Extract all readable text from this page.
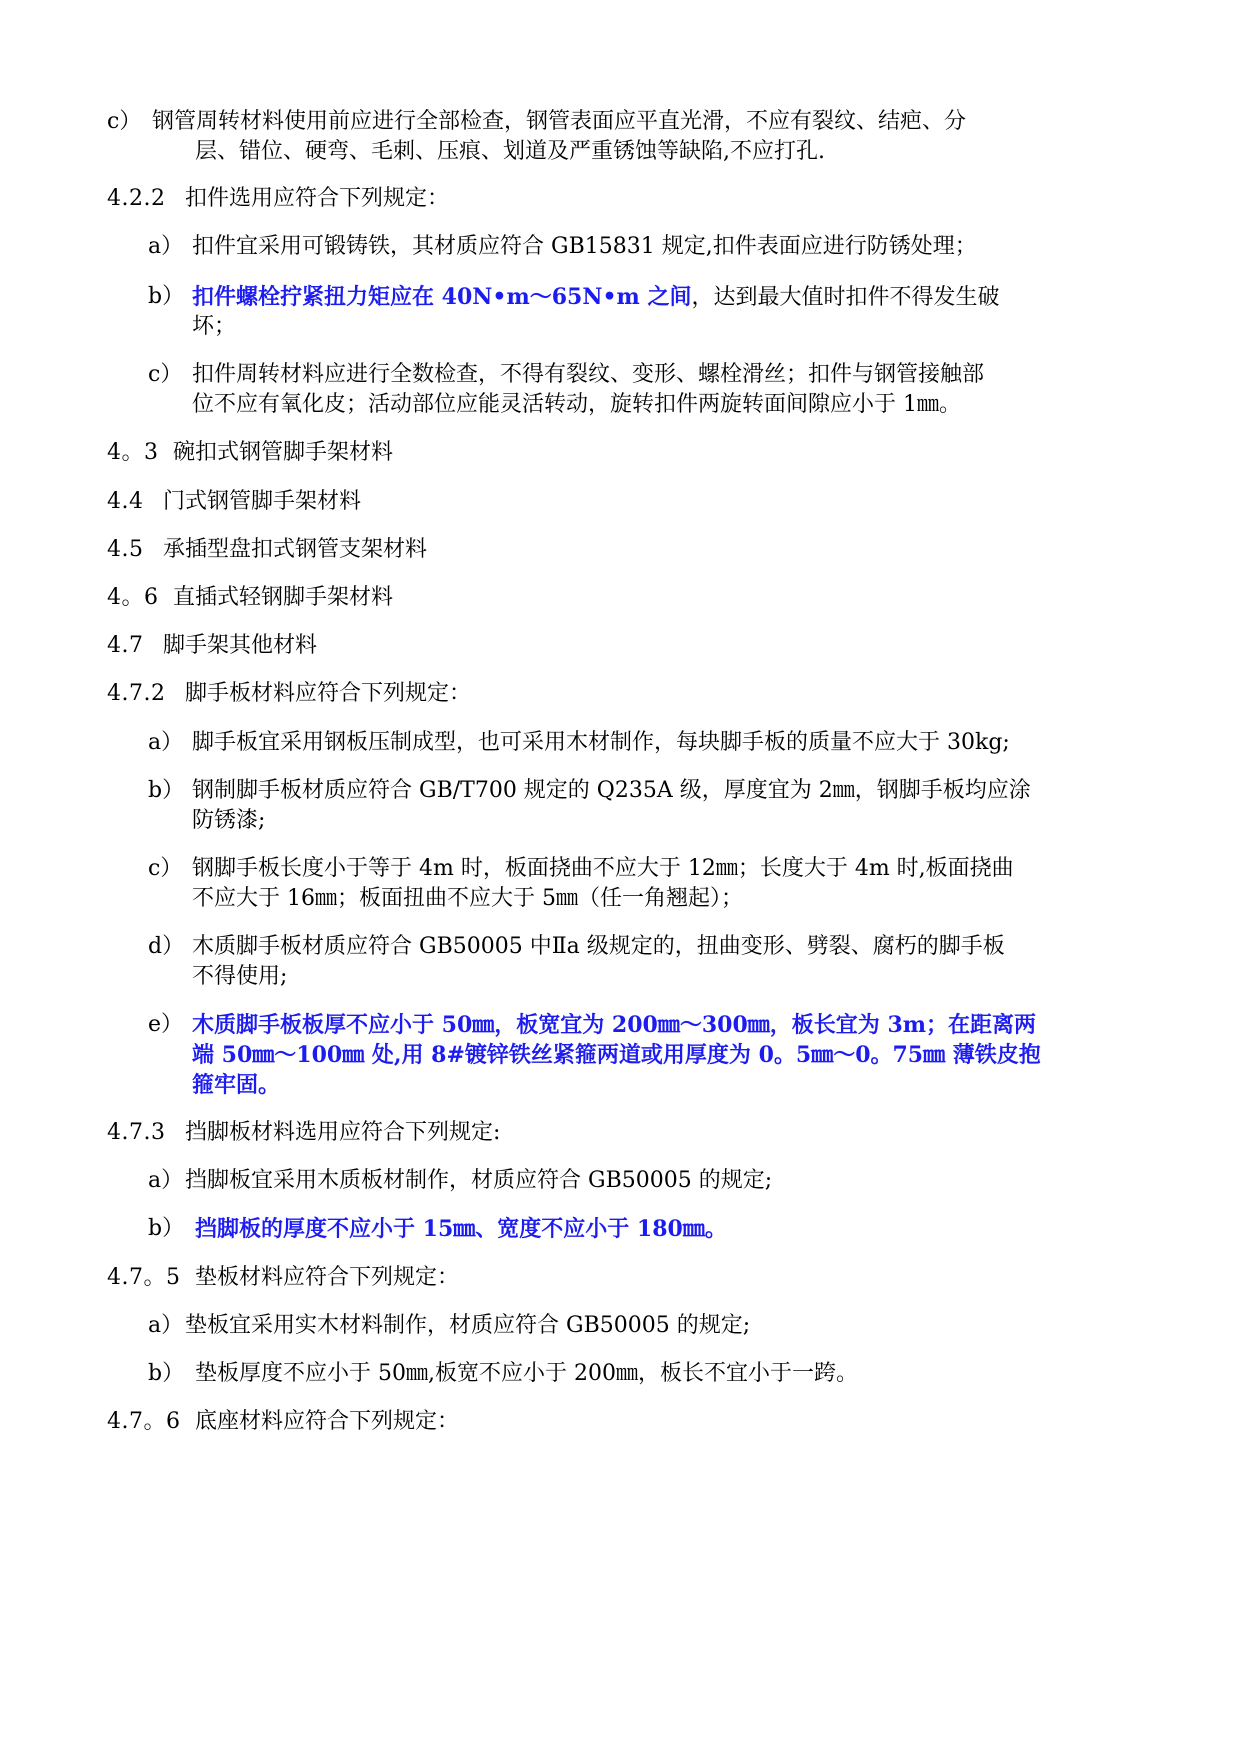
c） 钢管周转材料使用前应进行全部检查，钢管表面应平直光滑，不应有裂纹、结疤、分
层、错位、硬弯、毛刺、压痕、划道及严重锈蚀等缺陷,不应打孔.
4.2.2 扣件选用应符合下列规定：
a） 扣件宜采用可锻铸铁，其材质应符合 GB15831 规定,扣件表面应进行防锈处理；
b） 扣件螺栓拧紧扭力矩应在 40N•m～65N•m 之间，达到最大值时扣件不得发生破
坏；
c） 扣件周转材料应进行全数检查，不得有裂纹、变形、螺栓滑丝；扣件与钢管接触部
位不应有氧化皮；活动部位应能灵活转动，旋转扣件两旋转面间隙应小于 1㎜。
4。3 碗扣式钢管脚手架材料
4.4 门式钢管脚手架材料
4.5 承插型盘扣式钢管支架材料
4。6 直插式轻钢脚手架材料
4.7 脚手架其他材料
4.7.2 脚手板材料应符合下列规定：
a） 脚手板宜采用钢板压制成型，也可采用木材制作，每块脚手板的质量不应大于 30kg;
b） 钢制脚手板材质应符合 GB/T700 规定的 Q235A 级，厚度宜为 2㎜，钢脚手板均应涂
防锈漆;
c） 钢脚手板长度小于等于 4m 时，板面挠曲不应大于 12㎜；长度大于 4m 时,板面挠曲
不应大于 16㎜；板面扭曲不应大于 5㎜（任一角翘起）；
d） 木质脚手板材质应符合 GB50005 中Ⅱa 级规定的，扭曲变形、劈裂、腐朽的脚手板
不得使用;
e） 木质脚手板板厚不应小于 50㎜，板宽宜为 200㎜～300㎜，板长宜为 3m；在距离两
端 50㎜～100㎜ 处,用 8#镀锌铁丝紧箍两道或用厚度为 0。5㎜～0。75㎜ 薄铁皮抱
箍牢固。
4.7.3 挡脚板材料选用应符合下列规定:
a） 挡脚板宜采用木质板材制作，材质应符合 GB50005 的规定;
b） 挡脚板的厚度不应小于 15㎜、宽度不应小于 180㎜。
4.7。5 垫板材料应符合下列规定：
a） 垫板宜采用实木材料制作，材质应符合 GB50005 的规定;
b） 垫板厚度不应小于 50㎜,板宽不应小于 200㎜，板长不宜小于一跨。
4.7。6 底座材料应符合下列规定：
